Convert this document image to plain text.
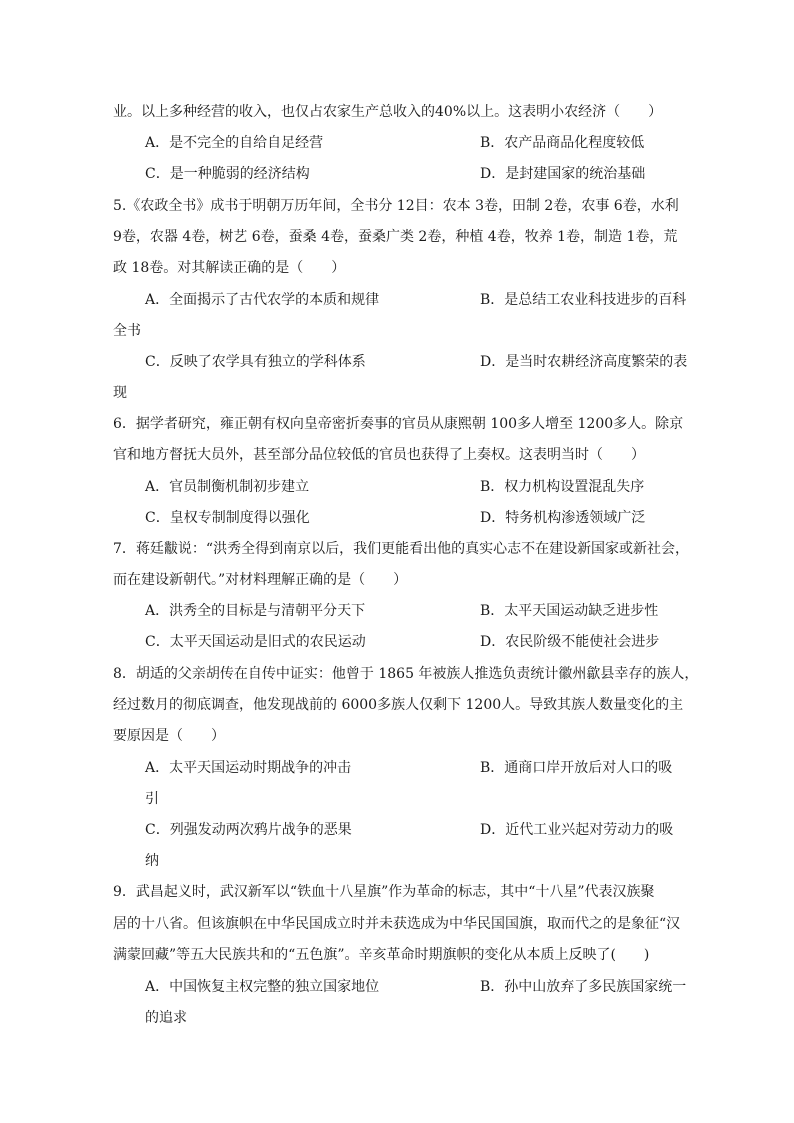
业。以上多种经营的收入，也仅占农家生产总收入的40%以上。这表明小农经济（　　）
A．是不完全的自给自足经营	B．农产品商品化程度较低
C．是一种脆弱的经济结构	D．是封建国家的统治基础
5.《农政全书》成书于明朝万历年间，全书分 12目：农本 3卷，田制 2卷，农事 6卷，水利
9卷，农器 4卷，树艺 6卷，蚕桑 4卷，蚕桑广类 2卷，种植 4卷，牧养 1卷，制造 1卷，荒
政 18卷。对其解读正确的是（　　）
A．全面揭示了古代农学的本质和规律	B．是总结工农业科技进步的百科
全书
C．反映了农学具有独立的学科体系	D．是当时农耕经济高度繁荣的表
现
6．据学者研究，雍正朝有权向皇帝密折奏事的官员从康熙朝 100多人增至 1200多人。除京
官和地方督抚大员外，甚至部分品位较低的官员也获得了上奏权。这表明当时（　　）
A．官员制衡机制初步建立	B．权力机构设置混乱失序
C．皇权专制制度得以强化	D．特务机构渗透领域广泛
7．蒋廷黻说：“洪秀全得到南京以后，我们更能看出他的真实心志不在建设新国家或新社会，
而在建设新朝代。”对材料理解正确的是（　　）
A．洪秀全的目标是与清朝平分天下	B．太平天国运动缺乏进步性
C．太平天国运动是旧式的农民运动	D．农民阶级不能使社会进步
8．胡适的父亲胡传在自传中证实：他曾于 1865 年被族人推选负责统计徽州歙县幸存的族人，
经过数月的彻底调查，他发现战前的 6000多族人仅剩下 1200人。导致其族人数量变化的主
要原因是（　　）
A．太平天国运动时期战争的冲击	B．通商口岸开放后对人口的吸
引
C．列强发动两次鸦片战争的恶果	D．近代工业兴起对劳动力的吸
纳
9．武昌起义时，武汉新军以“铁血十八星旗”作为革命的标志，其中“十八星”代表汉族聚
居的十八省。但该旗帜在中华民国成立时并未获选成为中华民国国旗，取而代之的是象征“汉
满蒙回藏”等五大民族共和的“五色旗”。辛亥革命时期旗帜的变化从本质上反映了(　　)
A．中国恢复主权完整的独立国家地位	B．孙中山放弃了多民族国家统一
的追求
